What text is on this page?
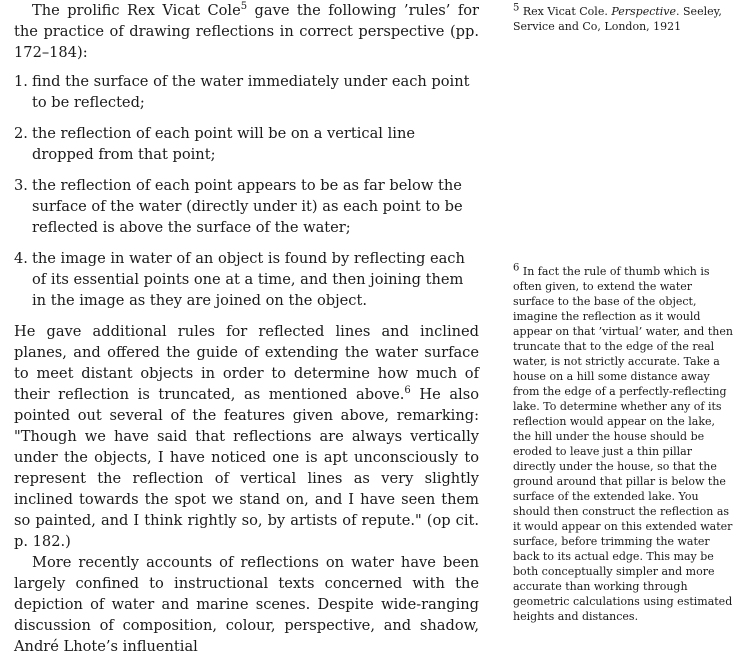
The prolific Rex Vicat Cole$^5$ gave the following ’rules’ for the practice of drawing reflections in correct perspective (pp. 172–184):

1. find the surface of the water immediately under each point to be reflected;
2. the reflection of each point will be on a vertical line dropped from that point;
3. the reflection of each point appears to be as far below the surface of the water (directly under it) as each point to be reflected is above the surface of the water;
4. the image in water of an object is found by reflecting each of its essential points one at a time, and then joining them in the image as they are joined on the object.

He gave additional rules for reflected lines and inclined planes, and offered the guide of extending the water surface to meet distant objects in order to determine how much of their reflection is truncated, as mentioned above.$^6$ He also pointed out several of the features given above, remarking: "Though we have said that reflections are always vertically under the objects, I have noticed one is apt unconsciously to represent the reflection of vertical lines as very slightly inclined towards the spot we stand on, and I have seen them so painted, and I think rightly so, by artists of repute." (op cit. p. 182.)

More recently accounts of reflections on water have been largely confined to instructional texts concerned with the depiction of water and marine scenes. Despite wide-ranging discussion of composition, colour, perspective, and shadow, André Lhote’s influential

$^5$ Rex Vicat Cole. Perspective. Seeley, Service and Co, London, 1921

$^6$ In fact the rule of thumb which is often given, to extend the water surface to the base of the object, imagine the reflection as it would appear on that ’virtual’ water, and then truncate that to the edge of the real water, is not strictly accurate. Take a house on a hill some distance away from the edge of a perfectly-reflecting lake. To determine whether any of its reflection would appear on the lake, the hill under the house should be eroded to leave just a thin pillar directly under the house, so that the ground around that pillar is below the surface of the extended lake. You should then construct the reflection as it would appear on this extended water surface, before trimming the water back to its actual edge. This may be both conceptually simpler and more accurate than working through geometric calculations using estimated heights and distances.
